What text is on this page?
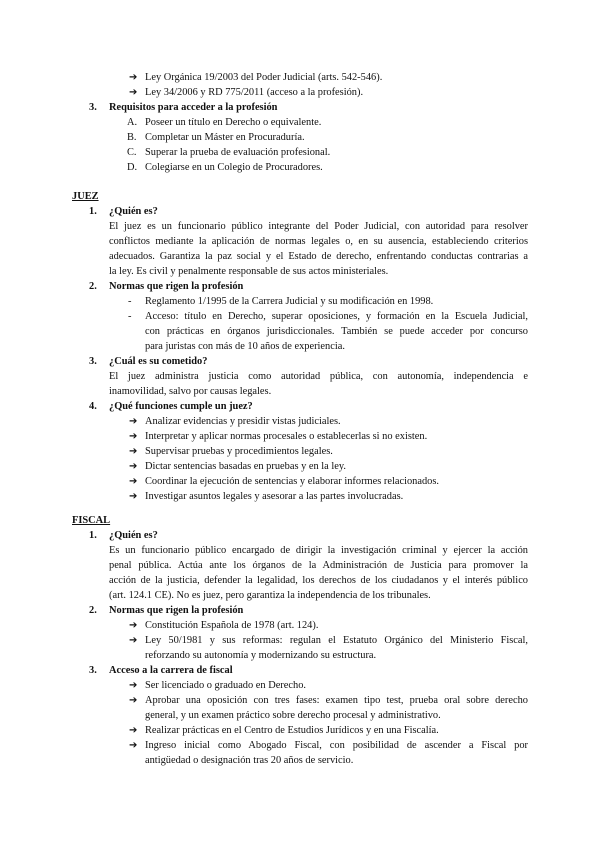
➔ Ley Orgánica 19/2003 del Poder Judicial (arts. 542-546).
➔ Ley 34/2006 y RD 775/2011 (acceso a la profesión).
3. Requisitos para acceder a la profesión
A. Poseer un título en Derecho o equivalente.
B. Completar un Máster en Procuraduría.
C. Superar la prueba de evaluación profesional.
D. Colegiarse en un Colegio de Procuradores.
JUEZ
1. ¿Quién es?
El juez es un funcionario público integrante del Poder Judicial, con autoridad para resolver
conflictos mediante la aplicación de normas legales o, en su ausencia, estableciendo criterios
adecuados. Garantiza la paz social y el Estado de derecho, enfrentando conductas contrarias a
la ley. Es civil y penalmente responsable de sus actos ministeriales.
2. Normas que rigen la profesión
- Reglamento 1/1995 de la Carrera Judicial y su modificación en 1998.
- Acceso: título en Derecho, superar oposiciones, y formación en la Escuela Judicial,
con prácticas en órganos jurisdiccionales. También se puede acceder por concurso
para juristas con más de 10 años de experiencia.
3. ¿Cuál es su cometido?
El juez administra justicia como autoridad pública, con autonomía, independencia e
inamovilidad, salvo por causas legales.
4. ¿Qué funciones cumple un juez?
➔ Analizar evidencias y presidir vistas judiciales.
➔ Interpretar y aplicar normas procesales o establecerlas si no existen.
➔ Supervisar pruebas y procedimientos legales.
➔ Dictar sentencias basadas en pruebas y en la ley.
➔ Coordinar la ejecución de sentencias y elaborar informes relacionados.
➔ Investigar asuntos legales y asesorar a las partes involucradas.
FISCAL
1. ¿Quién es?
Es un funcionario público encargado de dirigir la investigación criminal y ejercer la acción
penal pública. Actúa ante los órganos de la Administración de Justicia para promover la
acción de la justicia, defender la legalidad, los derechos de los ciudadanos y el interés público
(art. 124.1 CE). No es juez, pero garantiza la independencia de los tribunales.
2. Normas que rigen la profesión
➔ Constitución Española de 1978 (art. 124).
➔ Ley 50/1981 y sus reformas: regulan el Estatuto Orgánico del Ministerio Fiscal,
reforzando su autonomía y modernizando su estructura.
3. Acceso a la carrera de fiscal
➔ Ser licenciado o graduado en Derecho.
➔ Aprobar una oposición con tres fases: examen tipo test, prueba oral sobre derecho
general, y un examen práctico sobre derecho procesal y administrativo.
➔ Realizar prácticas en el Centro de Estudios Jurídicos y en una Fiscalía.
➔ Ingreso inicial como Abogado Fiscal, con posibilidad de ascender a Fiscal por
antigüedad o designación tras 20 años de servicio.
